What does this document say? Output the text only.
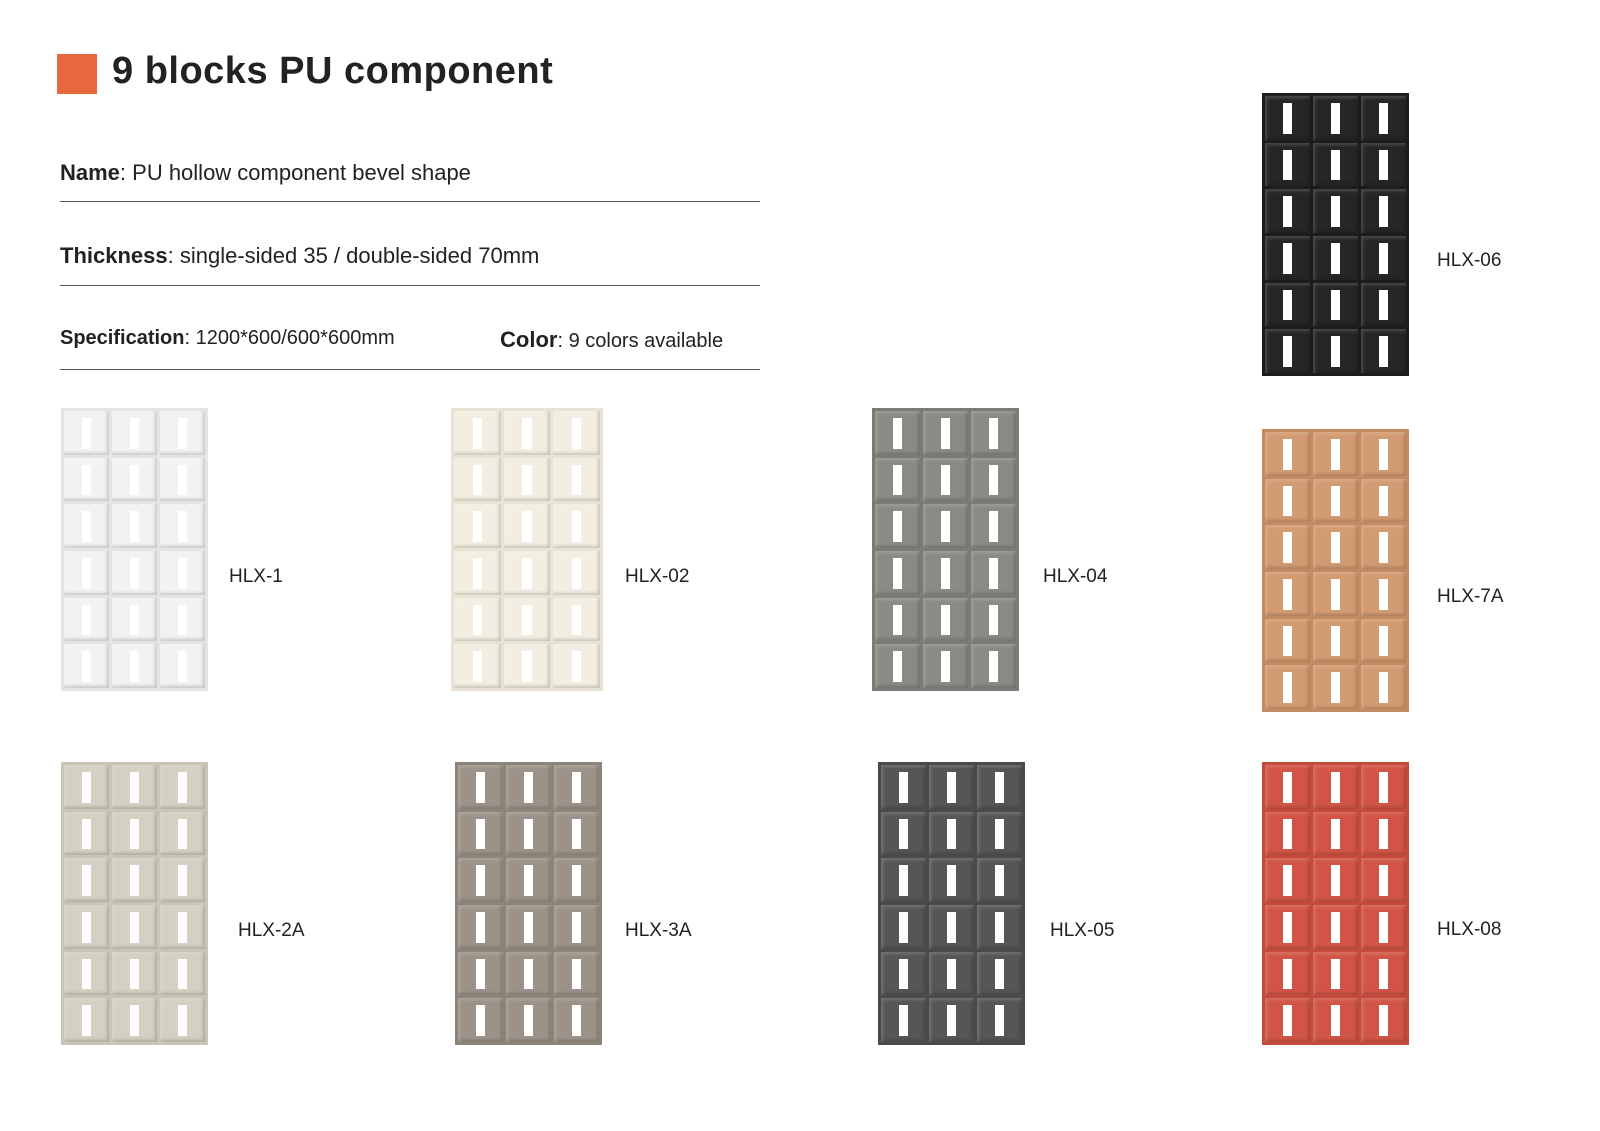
9 blocks PU component
Name: PU hollow component bevel shape
Thickness: single-sided 35 / double-sided 70mm
Specification: 1200*600/600*600mm	Color: 9 colors available
HLX-06
HLX-1	HLX-02	HLX-04
HLX-7A
HLX-2A	HLX-3A	HLX-05	HLX-08
